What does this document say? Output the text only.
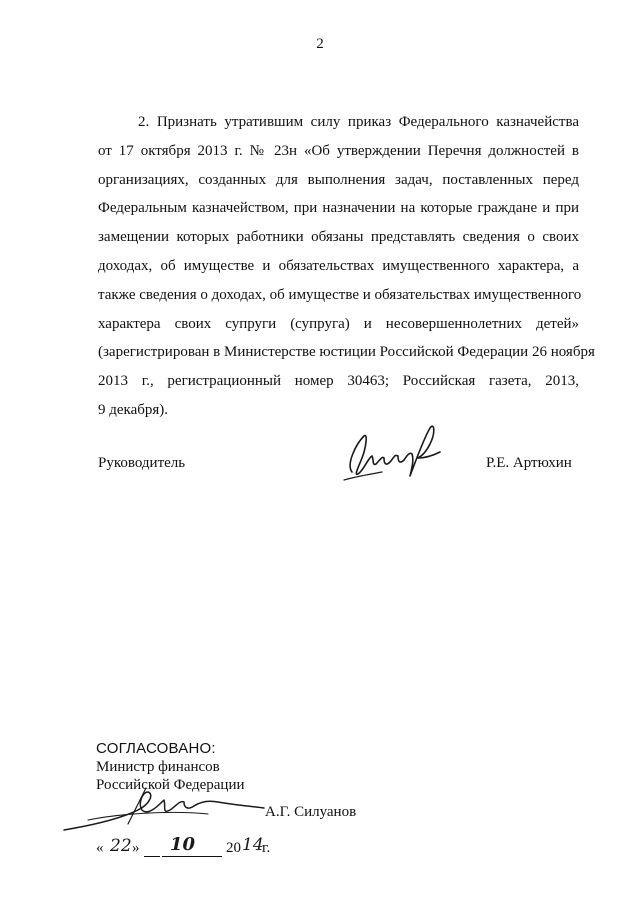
2
2. Признать утратившим силу приказ Федерального казначейства
от 17 октября 2013 г. № 23н «Об утверждении Перечня должностей в
организациях, созданных для выполнения задач, поставленных перед
Федеральным казначейством, при назначении на которые граждане и при
замещении которых работники обязаны представлять сведения о своих
доходах, об имуществе и обязательствах имущественного характера, а
также сведения о доходах, об имуществе и обязательствах имущественного
характера своих супруги (супруга) и несовершеннолетних детей»
(зарегистрирован в Министерстве юстиции Российской Федерации 26 ноября
2013 г., регистрационный номер 30463; Российская газета, 2013,
9 декабря).
Руководитель	Р.Е. Артюхин
СОГЛАСОВАНО:
Министр финансов
Российской Федерации
А.Г. Силуанов
« 22 » 10 20 14
г.
